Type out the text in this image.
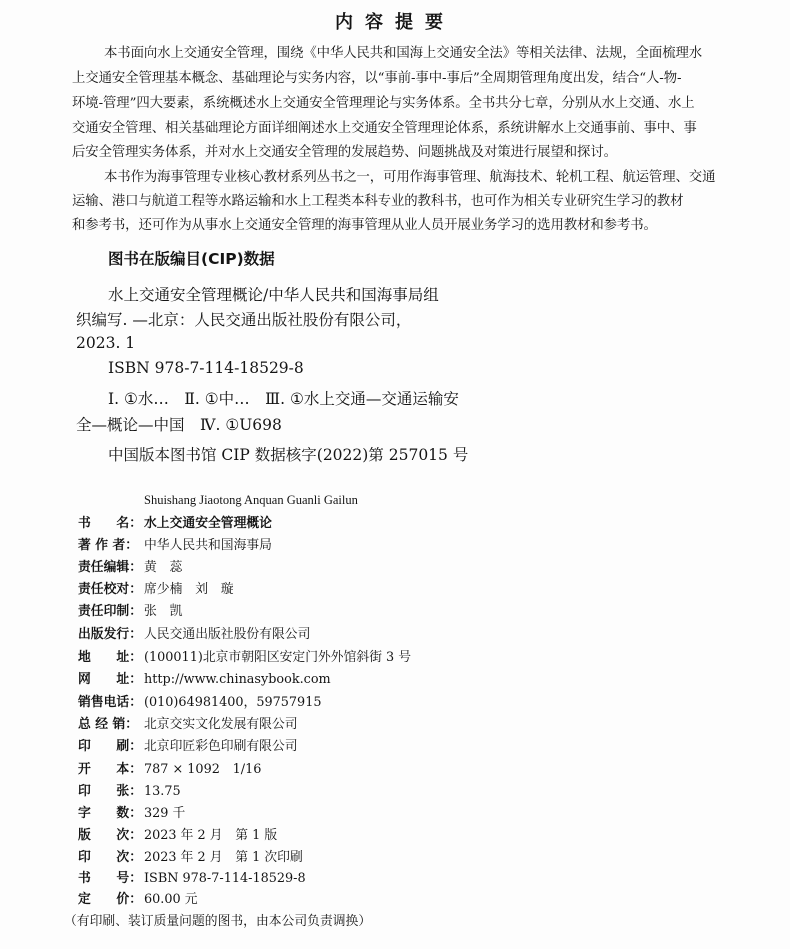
内容提要
本书面向水上交通安全管理，围绕《中华人民共和国海上交通安全法》等相关法律、法规，全面梳理水
上交通安全管理基本概念、基础理论与实务内容，以“事前-事中-事后”全周期管理角度出发，结合“人-物-
环境-管理”四大要素，系统概述水上交通安全管理理论与实务体系。全书共分七章，分别从水上交通、水上
交通安全管理、相关基础理论方面详细阐述水上交通安全管理理论体系，系统讲解水上交通事前、事中、事
后安全管理实务体系，并对水上交通安全管理的发展趋势、问题挑战及对策进行展望和探讨。
本书作为海事管理专业核心教材系列丛书之一，可用作海事管理、航海技术、轮机工程、航运管理、交通
运输、港口与航道工程等水路运输和水上工程类本科专业的教科书，也可作为相关专业研究生学习的教材
和参考书，还可作为从事水上交通安全管理的海事管理从业人员开展业务学习的选用教材和参考书。
图书在版编目(CIP)数据
水上交通安全管理概论/中华人民共和国海事局组
织编写. —北京：人民交通出版社股份有限公司，
2023. 1
ISBN 978-7-114-18529-8
Ⅰ. ①水…　Ⅱ. ①中…　Ⅲ. ①水上交通—交通运输安
全—概论—中国　Ⅳ. ①U698
中国版本图书馆 CIP 数据核字(2022)第 257015 号
Shuishang Jiaotong Anquan Guanli Gailun
书　　名： 水上交通安全管理概论
著 作 者： 中华人民共和国海事局
责任编辑： 黄　蕊
责任校对： 席少楠　刘　璇
责任印制： 张　凯
出版发行： 人民交通出版社股份有限公司
地　　址： (100011)北京市朝阳区安定门外外馆斜街 3 号
网　　址： http://www.chinasybook.com
销售电话： (010)64981400，59757915
总 经 销： 北京交实文化发展有限公司
印　　刷： 北京印匠彩色印刷有限公司
开　　本： 787 × 1092　1/16
印　　张： 13.75
字　　数： 329 千
版　　次： 2023 年 2 月　第 1 版
印　　次： 2023 年 2 月　第 1 次印刷
书　　号： ISBN 978-7-114-18529-8
定　　价： 60.00 元
（有印刷、装订质量问题的图书，由本公司负责调换）
